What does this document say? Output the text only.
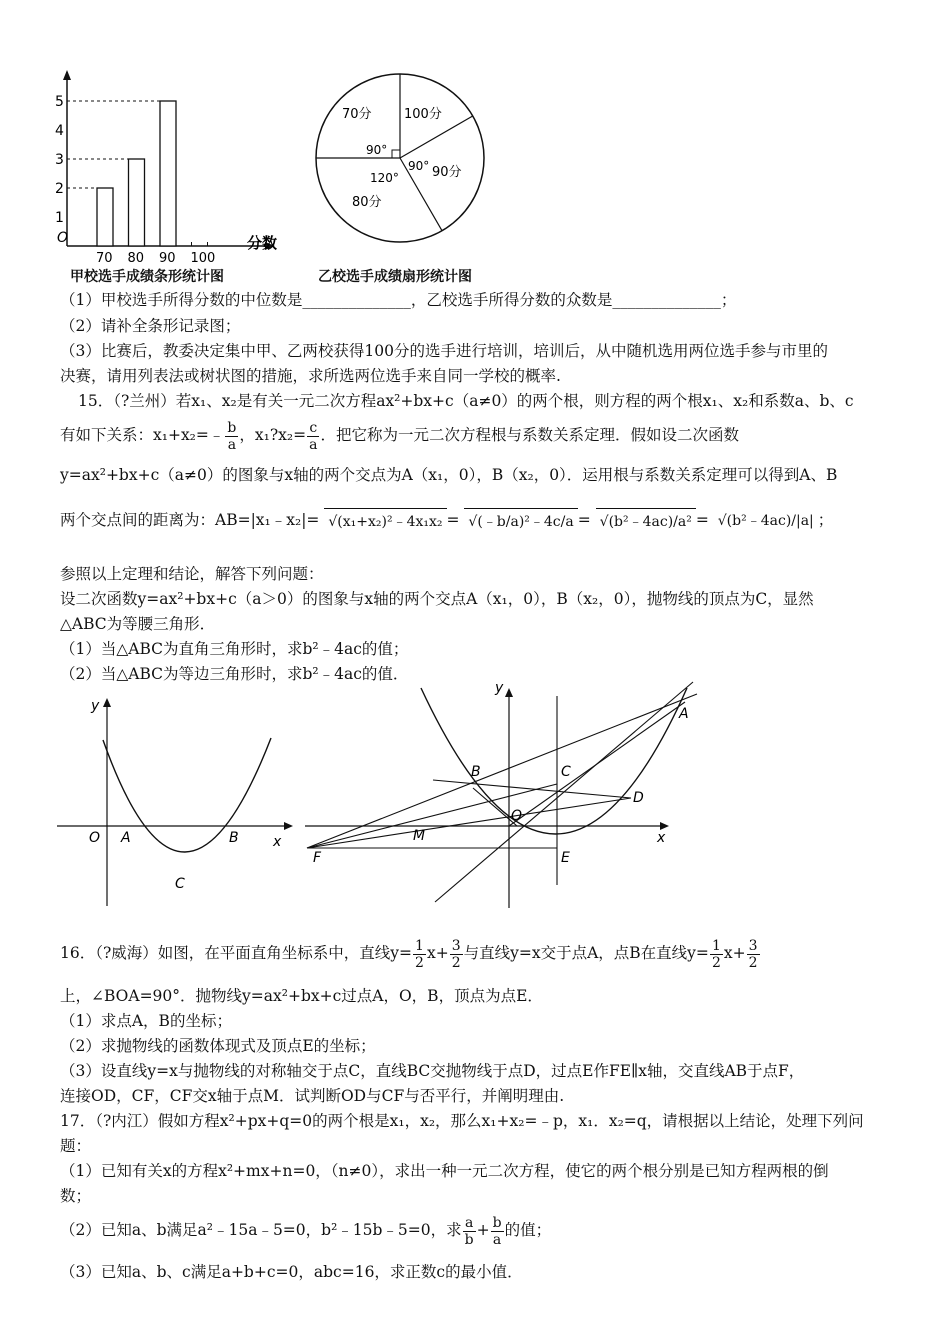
1
2
3
4
5
70 80 90 100
O	分数
甲校选手成绩条形统计图
70分 100分
90分
80分
90°
90°
120°
乙校选手成绩扇形统计图
（1）甲校选手所得分数的中位数是______________，乙校选手所得分数的众数是______________；
（2）请补全条形记录图；
（3）比赛后，教委决定集中甲、乙两校获得100分的选手进行培训，培训后，从中随机选用两位选手参与市里的
决赛，请用列表法或树状图的措施，求所选两位选手来自同一学校的概率.
15．（?兰州）若x₁、x₂是有关一元二次方程ax²+bx+c（a≠0）的两个根，则方程的两个根x₁、x₂和系数a、b、c
有如下关系：x₁+x₂=﹣ $\frac{b}{a}$ ，x₁?x₂= $\frac{c}{a}$ ．把它称为一元二次方程根与系数关系定理．假如设二次函数
y=ax²+bx+c（a≠0）的图象与x轴的两个交点为A（x₁，0），B（x₂，0）．运用根与系数关系定理可以得到A、B
两个交点间的距离为：AB=|x₁﹣x₂|= √(x₁+x₂)²﹣4x₁x₂ = √(﹣b/a)²﹣4c/a = √(b²﹣4ac)/a² = √(b²﹣4ac)/|a| ；
参照以上定理和结论，解答下列问题：
设二次函数y=ax²+bx+c（a＞0）的图象与x轴的两个交点A（x₁，0），B（x₂，0），抛物线的顶点为C，显然
△ABC为等腰三角形．
（1）当△ABC为直角三角形时，求b²﹣4ac的值；
（2）当△ABC为等边三角形时，求b²﹣4ac的值．
y
O A	B x
C
y
A
B	C
D
O
M	x
F	E
16．（?威海）如图，在平面直角坐标系中，直线$y= \frac{1}{2} x+ \frac{3}{2}$ 与直线y=x交于点A，点B在直线$y= \frac{1}{2} x+ \frac{3}{2}$
上，∠BOA=90°．抛物线y=ax²+bx+c过点A，O，B，顶点为点E．
（1）求点A，B的坐标；
（2）求抛物线的函数体现式及顶点E的坐标；
（3）设直线y=x与抛物线的对称轴交于点C，直线BC交抛物线于点D，过点E作FE∥x轴，交直线AB于点F，
连接OD，CF，CF交x轴于点M．试判断OD与CF与否平行，并阐明理由.
17．（?内江）假如方程x²+px+q=0的两个根是x₁，x₂，那么x₁+x₂=﹣p，x₁．x₂=q，请根据以上结论，处理下列问
题：
（1）已知有关x的方程x²+mx+n=0，（n≠0），求出一种一元二次方程，使它的两个根分别是已知方程两根的倒
数；
（2）已知a、b满足a²﹣15a﹣5=0，b²﹣15b﹣5=0，求 $\frac{a}{b} + \frac{b}{a}$ 的值；
（3）已知a、b、c满足a+b+c=0，abc=16，求正数c的最小值．
